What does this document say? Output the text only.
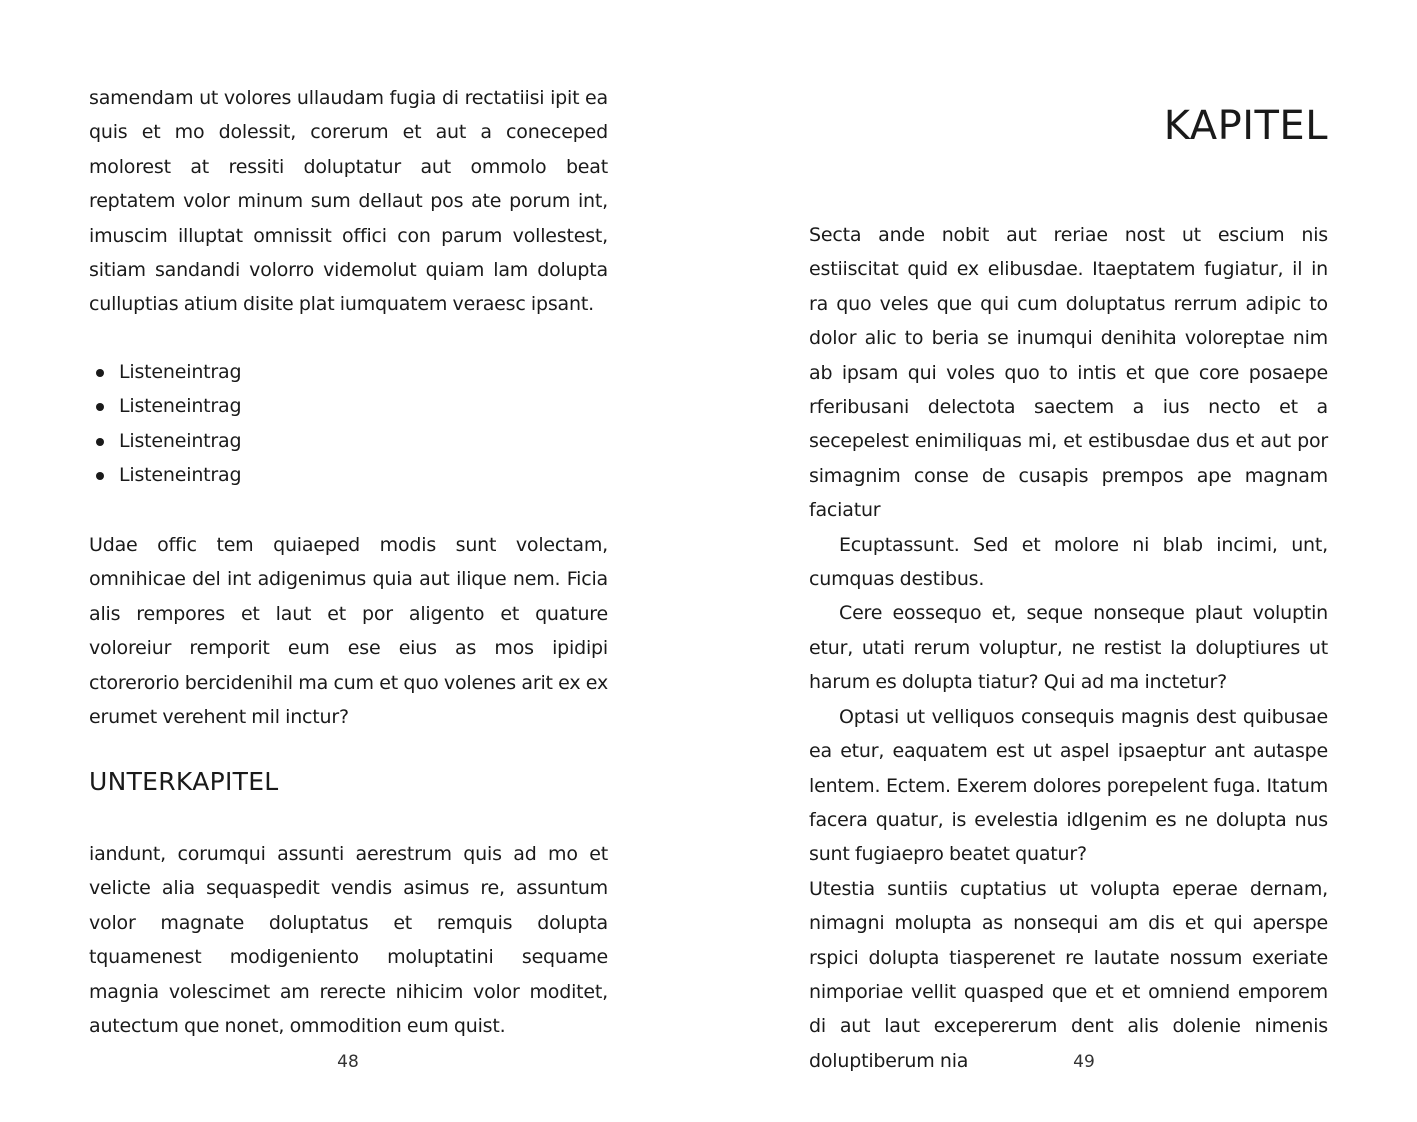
samendam ut volores ullaudam fugia di rectatiisi ipit ea quis et mo dolessit, corerum et aut a coneceped molorest at ressiti doluptatur aut ommolo beat reptatem volor minum sum dellaut pos ate porum int, imuscim illuptat omnissit offici con parum vollestest, sitiam sandandi volorro videmolut quiam lam dolupta culluptias atium disite plat iumquatem veraesc ipsant.

Listeneintrag
Listeneintrag
Listeneintrag
Listeneintrag

Udae offic tem quiaeped modis sunt volectam, omnihicae del int adigenimus quia aut ilique nem. Ficia alis rempores et laut et por aligento et quature voloreiur remporit eum ese eius as mos ipidipi ctorerorio bercidenihil ma cum et quo volenes arit ex ex erumet verehent mil inctur?

UNTERKAPITEL

iandunt, corumqui assunti aerestrum quis ad mo et velicte alia sequaspedit vendis asimus re, assuntum volor magnate doluptatus et remquis dolupta tquamenest modigeniento moluptatini sequame magnia volescimet am rerecte nihicim volor moditet, autectum que nonet, ommodition eum quist.

48
KAPITEL

Secta ande nobit aut reriae nost ut escium nis estiiscitat quid ex elibusdae. Itaeptatem fugiatur, il in ra quo veles que qui cum doluptatus rerrum adipic to dolor alic to beria se inumqui denihita voloreptae nim ab ipsam qui voles quo to intis et que core posaepe rferibusani delectota saectem a ius necto et a secepelest enimiliquas mi, et estibusdae dus et aut por simagnim conse de cusapis prempos ape magnam faciatur

Ecuptassunt. Sed et molore ni blab incimi, unt, cumquas destibus.

Cere eossequo et, seque nonseque plaut voluptin etur, utati rerum voluptur, ne restist la doluptiures ut harum es dolupta tiatur? Qui ad ma inctetur?

Optasi ut velliquos consequis magnis dest quibusae ea etur, eaquatem est ut aspel ipsaeptur ant autaspe lentem. Ectem. Exerem dolores porepelent fuga. Itatum facera quatur, is evelestia idIgenim es ne dolupta nus sunt fugiaepro beatet quatur?

Utestia suntiis cuptatius ut volupta eperae dernam, nimagni molupta as nonsequi am dis et qui aperspe rspici dolupta tiasperenet re lautate nossum exeriate nimporiae vellit quasped que et et omniend emporem di aut laut excepererum dent alis dolenie nimenis doluptiberum nia	49
